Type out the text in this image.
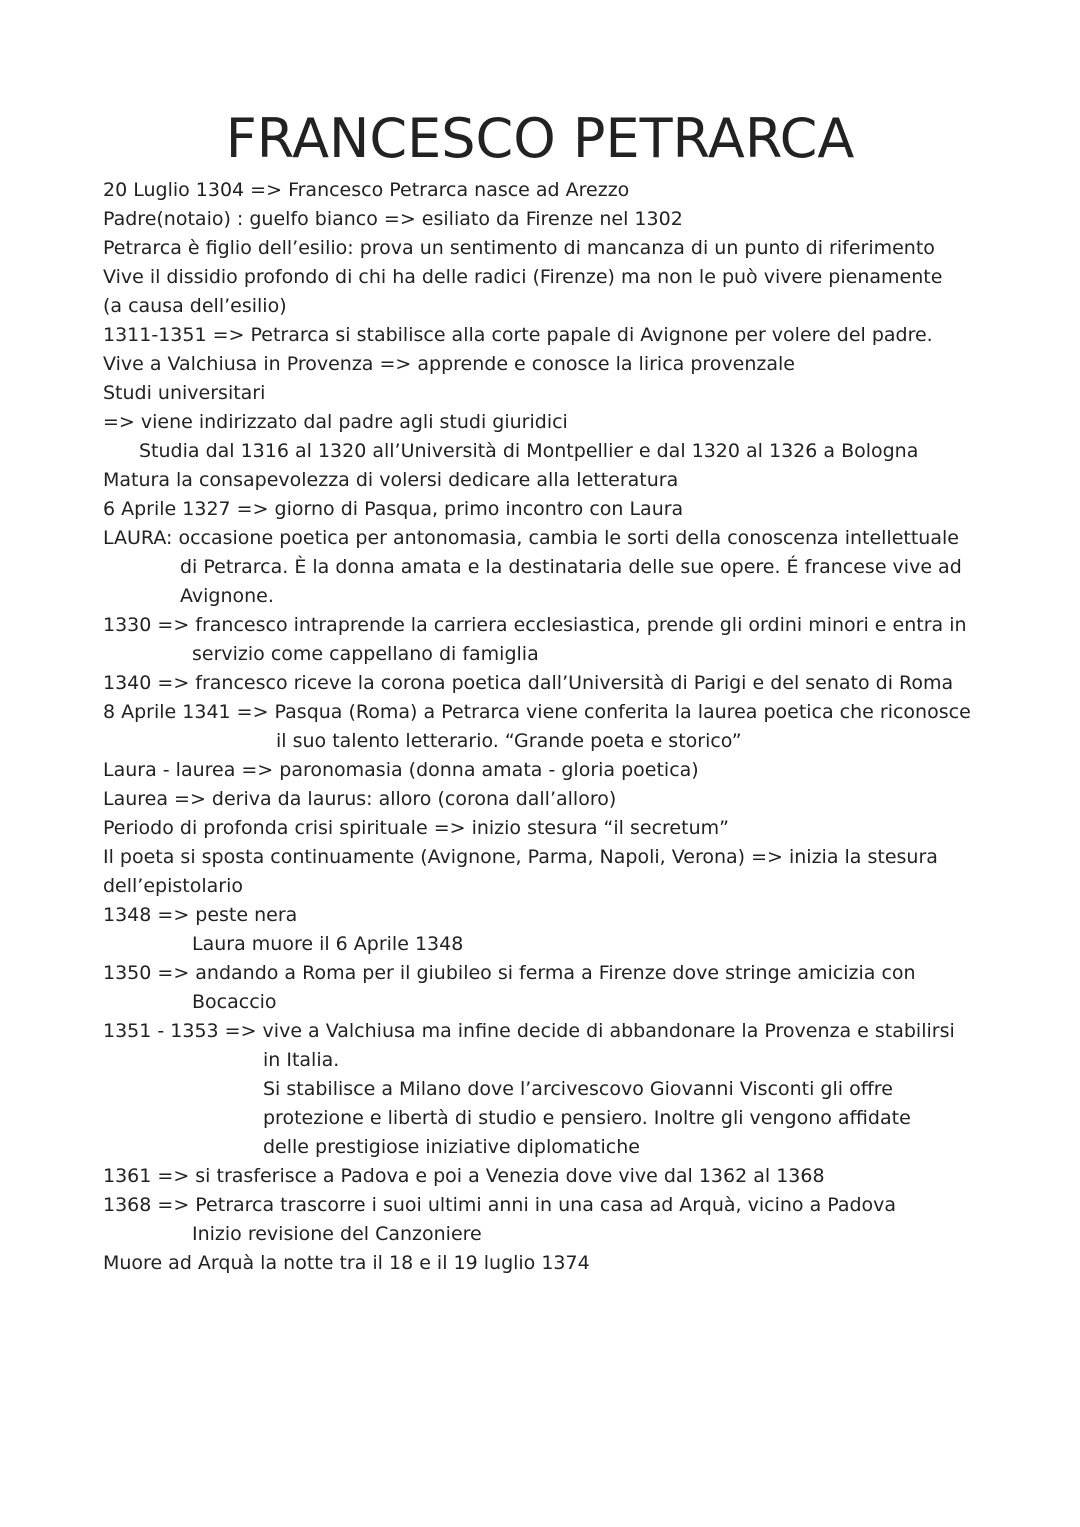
FRANCESCO PETRARCA
20 Luglio 1304 => Francesco Petrarca nasce ad Arezzo
Padre(notaio) : guelfo bianco => esiliato da Firenze nel 1302
Petrarca è figlio dell’esilio: prova un sentimento di mancanza di un punto di riferimento
Vive il dissidio profondo di chi ha delle radici (Firenze) ma non le può vivere pienamente
(a causa dell’esilio)
1311-1351 => Petrarca si stabilisce alla corte papale di Avignone per volere del padre.
Vive a Valchiusa in Provenza => apprende e conosce la lirica provenzale
Studi universitari
=> viene indirizzato dal padre agli studi giuridici
Studia dal 1316 al 1320 all’Università di Montpellier e dal 1320 al 1326 a Bologna
Matura la consapevolezza di volersi dedicare alla letteratura
6 Aprile 1327 => giorno di Pasqua, primo incontro con Laura
LAURA: occasione poetica per antonomasia, cambia le sorti della conoscenza intellettuale
di Petrarca. È la donna amata e la destinataria delle sue opere. É francese vive ad
Avignone.
1330 => francesco intraprende la carriera ecclesiastica, prende gli ordini minori e entra in
servizio come cappellano di famiglia
1340 => francesco riceve la corona poetica dall’Università di Parigi e del senato di Roma
8 Aprile 1341 => Pasqua (Roma) a Petrarca viene conferita la laurea poetica che riconosce
il suo talento letterario. “Grande poeta e storico”
Laura - laurea => paronomasia (donna amata - gloria poetica)
Laurea => deriva da laurus: alloro (corona dall’alloro)
Periodo di profonda crisi spirituale => inizio stesura “il secretum”
Il poeta si sposta continuamente (Avignone, Parma, Napoli, Verona) => inizia la stesura
dell’epistolario
1348 => peste nera
Laura muore il 6 Aprile 1348
1350 => andando a Roma per il giubileo si ferma a Firenze dove stringe amicizia con
Bocaccio
1351 - 1353 => vive a Valchiusa ma infine decide di abbandonare la Provenza e stabilirsi
in Italia.
Si stabilisce a Milano dove l’arcivescovo Giovanni Visconti gli offre
protezione e libertà di studio e pensiero. Inoltre gli vengono affidate
delle prestigiose iniziative diplomatiche
1361 => si trasferisce a Padova e poi a Venezia dove vive dal 1362 al 1368
1368 => Petrarca trascorre i suoi ultimi anni in una casa ad Arquà, vicino a Padova
Inizio revisione del Canzoniere
Muore ad Arquà la notte tra il 18 e il 19 luglio 1374
